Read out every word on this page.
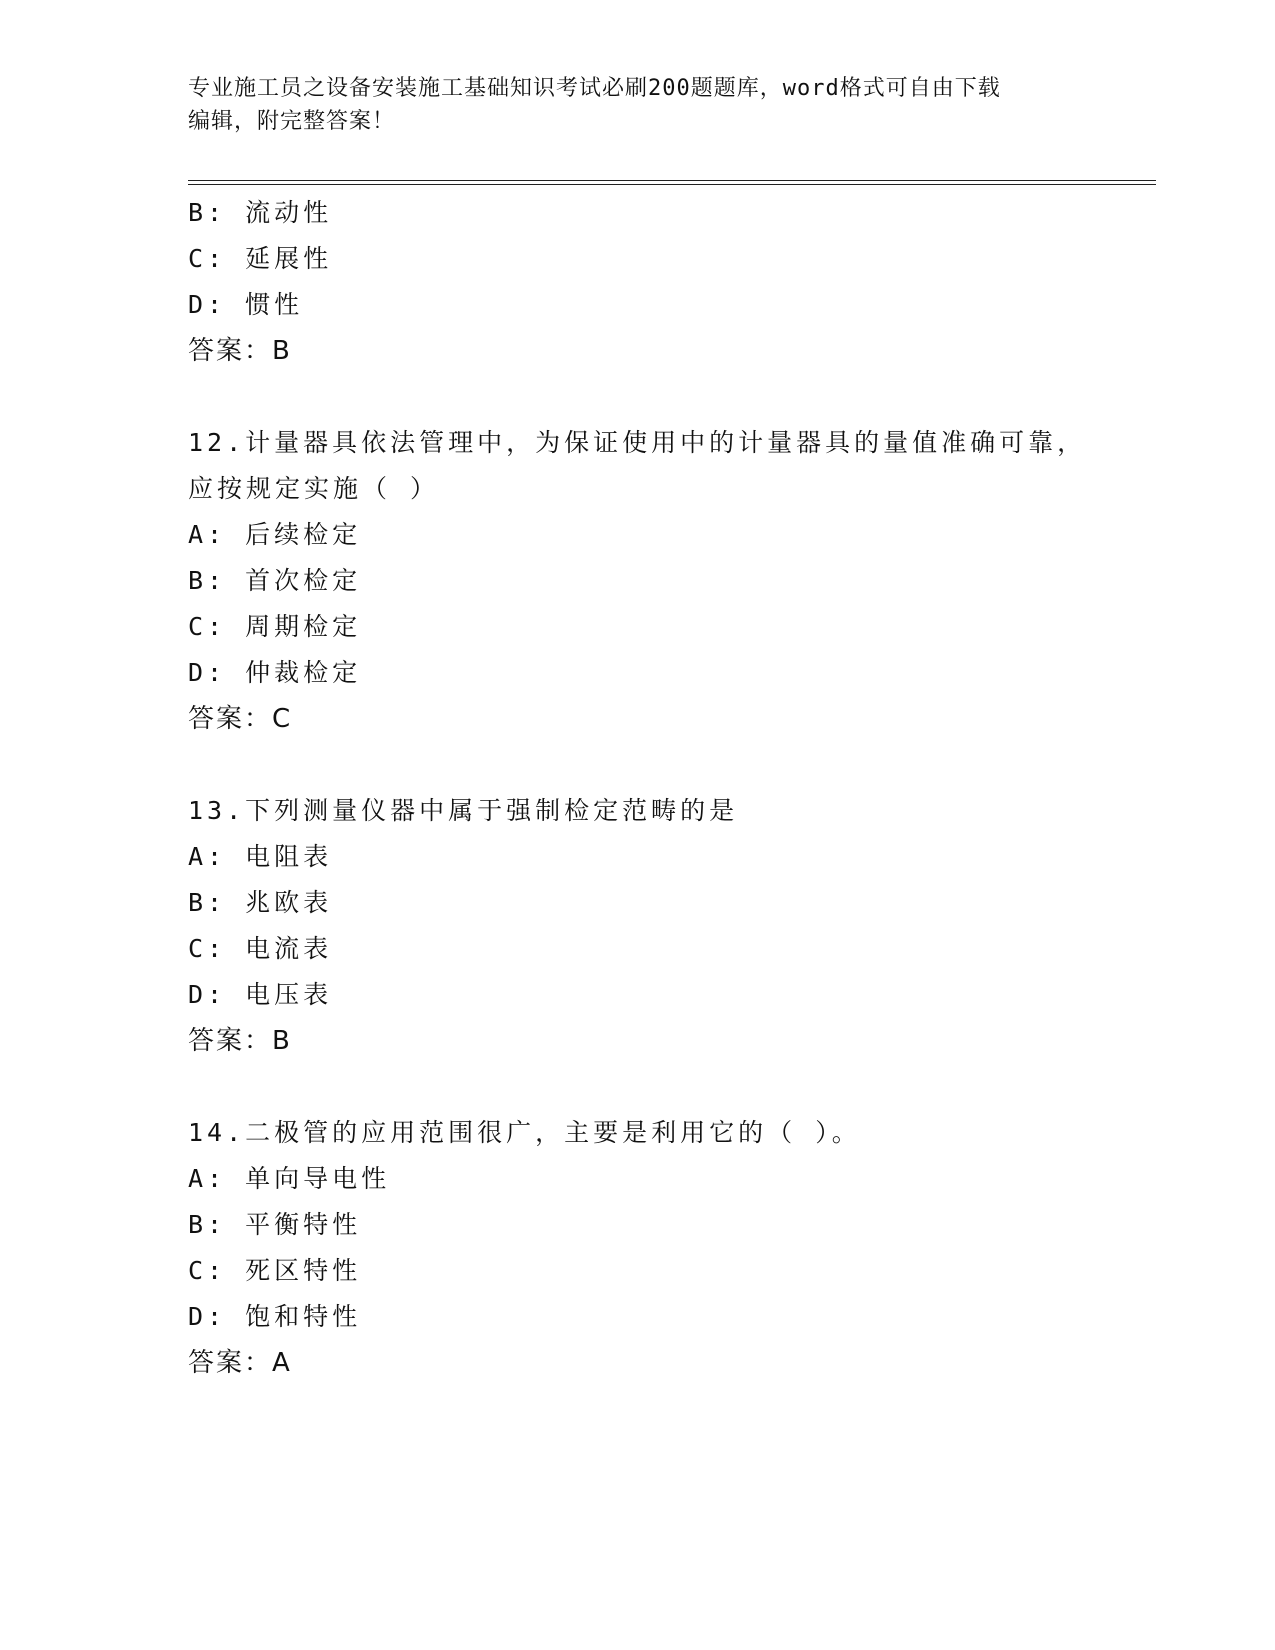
专业施工员之设备安装施工基础知识考试必刷200题题库，word格式可自由下载
编辑，附完整答案！
B: 流动性
C: 延展性
D: 惯性
答案：B
12.计量器具依法管理中，为保证使用中的计量器具的量值准确可靠，
应按规定实施（ ）
A: 后续检定
B: 首次检定
C: 周期检定
D: 仲裁检定
答案：C
13.下列测量仪器中属于强制检定范畴的是
A: 电阻表
B: 兆欧表
C: 电流表
D: 电压表
答案：B
14.二极管的应用范围很广，主要是利用它的（ ）。
A: 单向导电性
B: 平衡特性
C: 死区特性
D: 饱和特性
答案：A
